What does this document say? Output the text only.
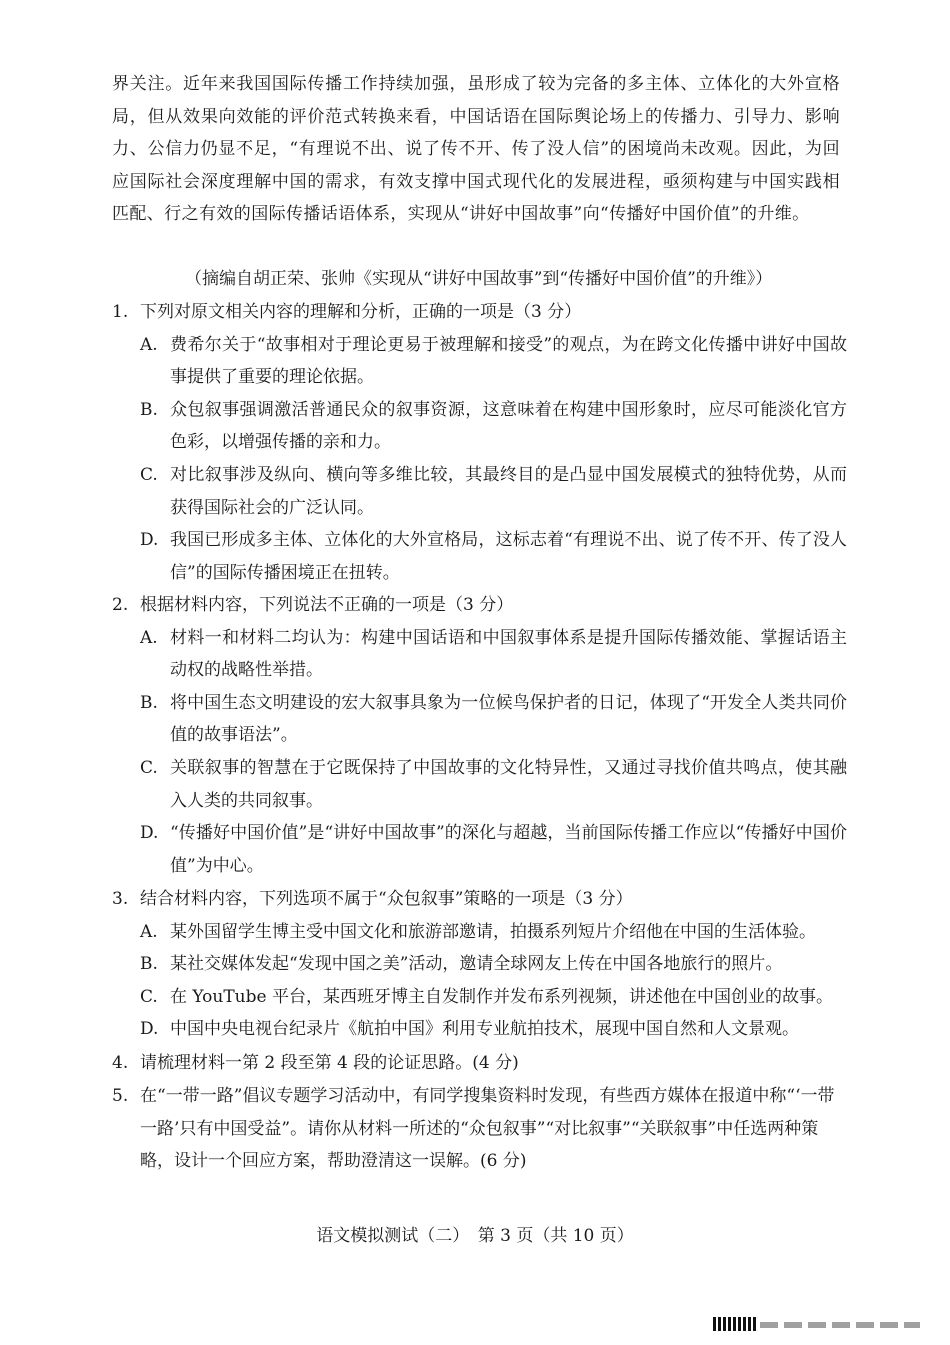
界关注。近年来我国国际传播工作持续加强，虽形成了较为完备的多主体、立体化的大外宣格局，但从效果向效能的评价范式转换来看，中国话语在国际舆论场上的传播力、引导力、影响力、公信力仍显不足，“有理说不出、说了传不开、传了没人信”的困境尚未改观。因此，为回应国际社会深度理解中国的需求，有效支撑中国式现代化的发展进程，亟须构建与中国实践相匹配、行之有效的国际传播话语体系，实现从“讲好中国故事”向“传播好中国价值”的升维。

（摘编自胡正荣、张帅《实现从“讲好中国故事”到“传播好中国价值”的升维》）

1. 下列对原文相关内容的理解和分析，正确的一项是（3 分）
A. 费希尔关于“故事相对于理论更易于被理解和接受”的观点，为在跨文化传播中讲好中国故事提供了重要的理论依据。
B. 众包叙事强调激活普通民众的叙事资源，这意味着在构建中国形象时，应尽可能淡化官方色彩，以增强传播的亲和力。
C. 对比叙事涉及纵向、横向等多维比较，其最终目的是凸显中国发展模式的独特优势，从而获得国际社会的广泛认同。
D. 我国已形成多主体、立体化的大外宣格局，这标志着“有理说不出、说了传不开、传了没人信”的国际传播困境正在扭转。
2. 根据材料内容，下列说法不正确的一项是（3 分）
A. 材料一和材料二均认为：构建中国话语和中国叙事体系是提升国际传播效能、掌握话语主动权的战略性举措。
B. 将中国生态文明建设的宏大叙事具象为一位候鸟保护者的日记，体现了“开发全人类共同价值的故事语法”。
C. 关联叙事的智慧在于它既保持了中国故事的文化特异性，又通过寻找价值共鸣点，使其融入人类的共同叙事。
D. “传播好中国价值”是“讲好中国故事”的深化与超越，当前国际传播工作应以“传播好中国价值”为中心。
3. 结合材料内容，下列选项不属于“众包叙事”策略的一项是（3 分）
A. 某外国留学生博主受中国文化和旅游部邀请，拍摄系列短片介绍他在中国的生活体验。
B. 某社交媒体发起“发现中国之美”活动，邀请全球网友上传在中国各地旅行的照片。
C. 在 YouTube 平台，某西班牙博主自发制作并发布系列视频，讲述他在中国创业的故事。
D. 中国中央电视台纪录片《航拍中国》利用专业航拍技术，展现中国自然和人文景观。
4. 请梳理材料一第 2 段至第 4 段的论证思路。(4 分)
5. 在“一带一路”倡议专题学习活动中，有同学搜集资料时发现，有些西方媒体在报道中称“‘一带一路’只有中国受益”。请你从材料一所述的“众包叙事”“对比叙事”“关联叙事”中任选两种策略，设计一个回应方案，帮助澄清这一误解。(6 分)
语文模拟测试（二）　第 3 页（共 10 页）
